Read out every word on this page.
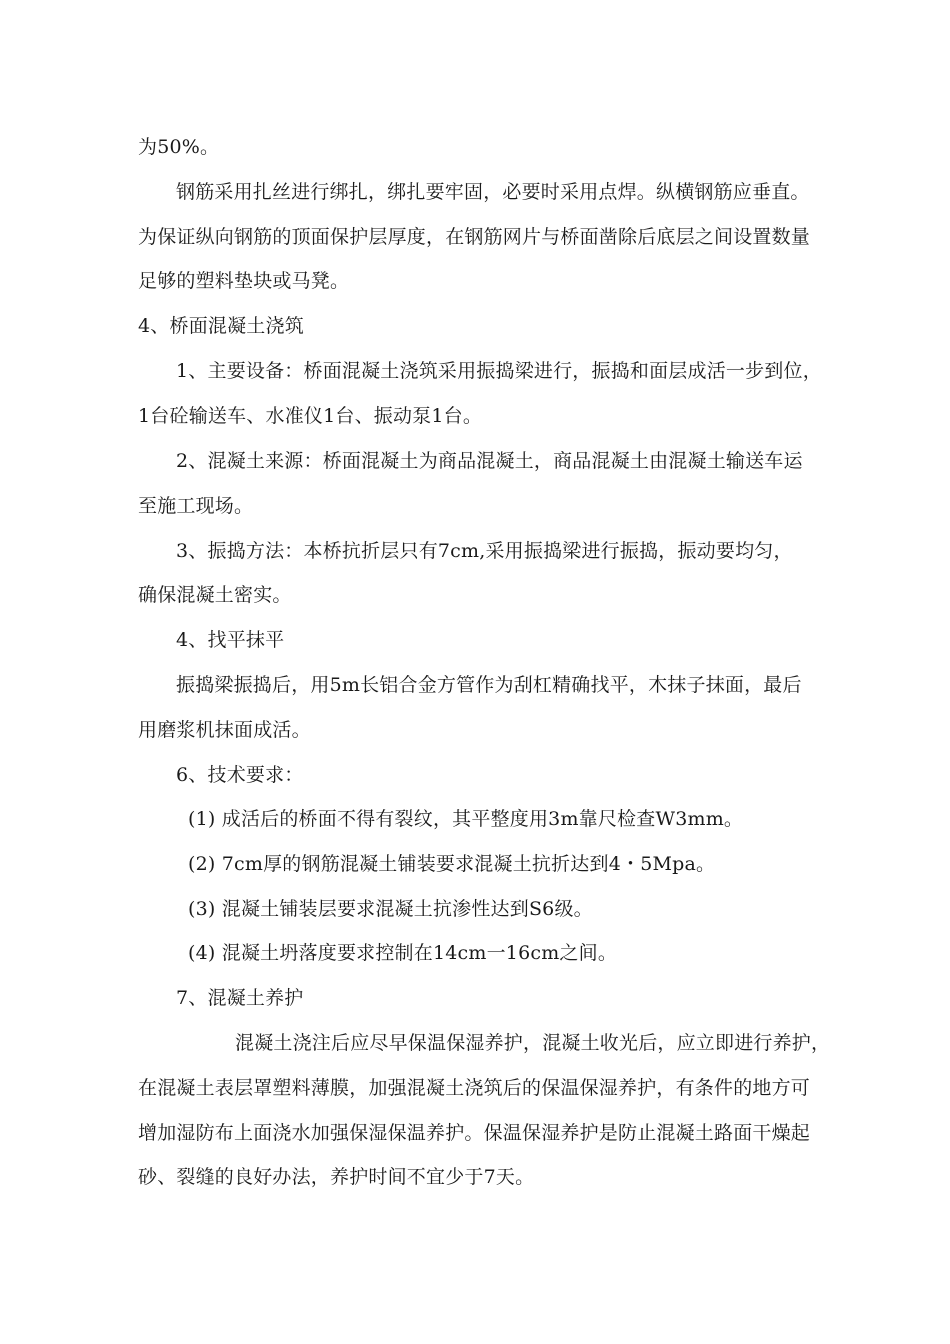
为50%。
钢筋采用扎丝进行绑扎，绑扎要牢固，必要时采用点焊。纵横钢筋应垂直。
为保证纵向钢筋的顶面保护层厚度，在钢筋网片与桥面凿除后底层之间设置数量
足够的塑料垫块或马凳。
4、桥面混凝土浇筑
1、主要设备：桥面混凝土浇筑采用振捣梁进行，振捣和面层成活一步到位，
1台砼输送车、水准仪1台、振动泵1台。
2、混凝土来源：桥面混凝土为商品混凝土，商品混凝土由混凝土输送车运
至施工现场。
3、振捣方法：本桥抗折层只有7cm,采用振捣梁进行振捣，振动要均匀，
确保混凝土密实。
4、找平抹平
振捣梁振捣后，用5m长铝合金方管作为刮杠精确找平，木抹子抹面，最后
用磨浆机抹面成活。
6、技术要求：
(1) 成活后的桥面不得有裂纹，其平整度用3m靠尺检查W3mm。
(2) 7cm厚的钢筋混凝土铺装要求混凝土抗折达到4・5Mpa。
(3) 混凝土铺装层要求混凝土抗渗性达到S6级。
(4) 混凝土坍落度要求控制在14cm一16cm之间。
7、混凝土养护
混凝土浇注后应尽早保温保湿养护，混凝土收光后，应立即进行养护，
在混凝土表层罩塑料薄膜，加强混凝土浇筑后的保温保湿养护，有条件的地方可
增加湿防布上面浇水加强保湿保温养护。保温保湿养护是防止混凝土路面干燥起
砂、裂缝的良好办法，养护时间不宜少于7天。
